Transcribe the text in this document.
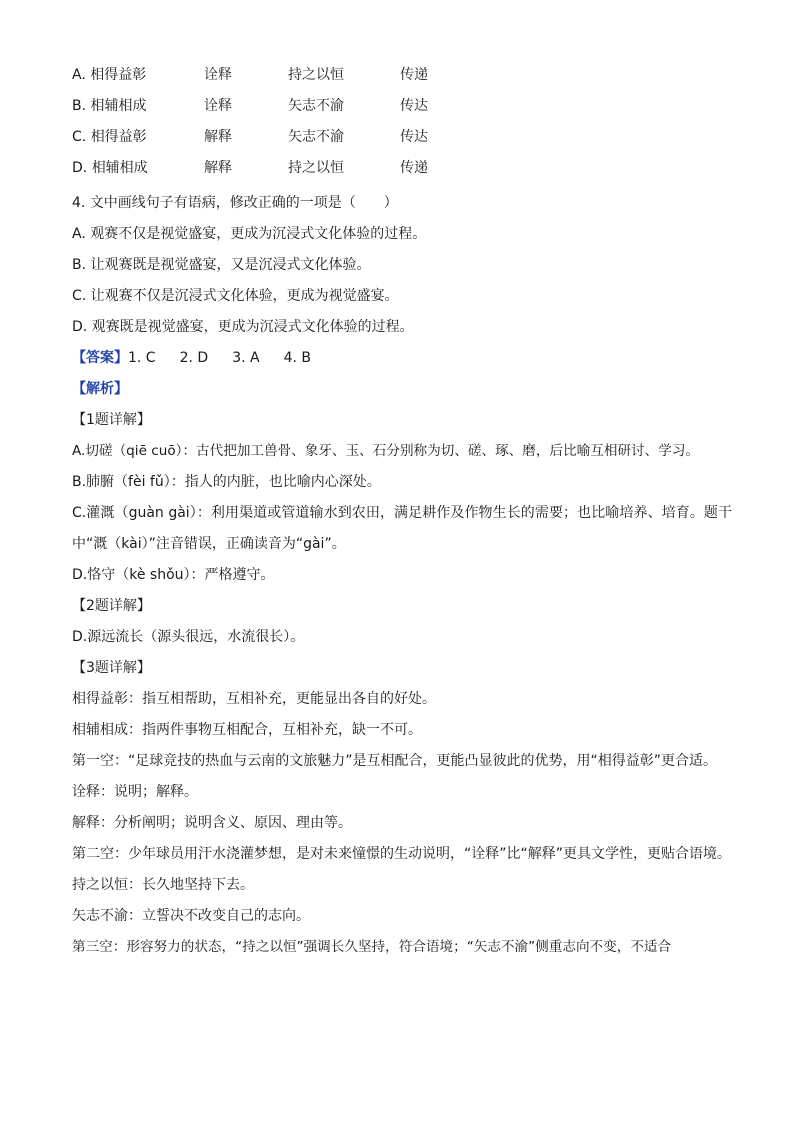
A. 相得益彰	诠释	持之以恒	传递
B. 相辅相成	诠释	矢志不渝	传达
C. 相得益彰	解释	矢志不渝	传达
D. 相辅相成	解释	持之以恒	传递
4. 文中画线句子有语病，修改正确的一项是（　　）
A. 观赛不仅是视觉盛宴，更成为沉浸式文化体验的过程。
B. 让观赛既是视觉盛宴，又是沉浸式文化体验。
C. 让观赛不仅是沉浸式文化体验，更成为视觉盛宴。
D. 观赛既是视觉盛宴，更成为沉浸式文化体验的过程。
【答案】1. C 2. D 3. A 4. B
【解析】
【1题详解】
A.切磋（qiē cuō）：古代把加工兽骨、象牙、玉、石分别称为切、磋、琢、磨，后比喻互相研讨、学习。
B.肺腑（fèi fǔ）：指人的内脏，也比喻内心深处。
C.灌溉（guàn gài）：利用渠道或管道输水到农田，满足耕作及作物生长的需要；也比喻培养、培育。题干中“溉（kài）”注音错误，正确读音为“gài”。
D.恪守（kè shǒu）：严格遵守。
【2题详解】
D.源远流长（源头很远，水流很长）。
【3题详解】
相得益彰：指互相帮助，互相补充，更能显出各自的好处。
相辅相成：指两件事物互相配合，互相补充，缺一不可。
第一空：“足球竞技的热血与云南的文旅魅力”是互相配合，更能凸显彼此的优势，用“相得益彰”更合适。
诠释：说明；解释。
解释：分析阐明；说明含义、原因、理由等。
第二空：少年球员用汗水浇灌梦想，是对未来憧憬的生动说明，“诠释”比“解释”更具文学性，更贴合语境。
持之以恒：长久地坚持下去。
矢志不渝：立誓决不改变自己的志向。
第三空：形容努力的状态，“持之以恒”强调长久坚持，符合语境；“矢志不渝”侧重志向不变，不适合
